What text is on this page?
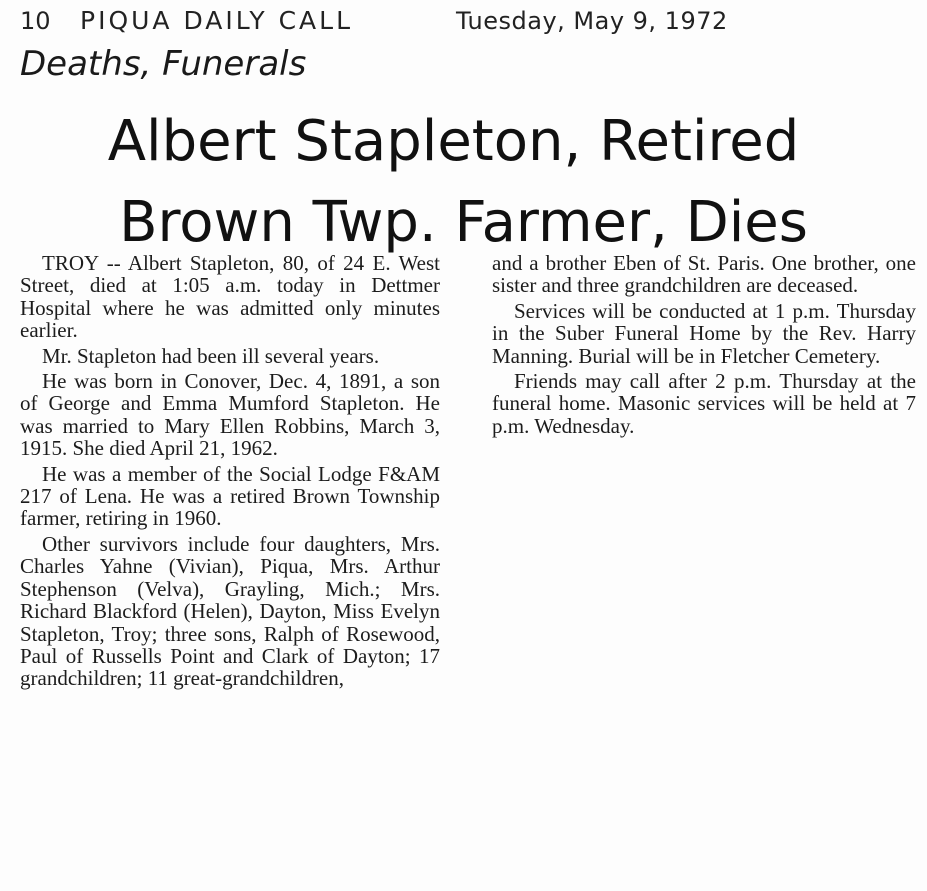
10	PIQUA DAILY CALL	Tuesday, May 9, 1972
Deaths, Funerals
Albert Stapleton, Retired
Brown Twp. Farmer, Dies

TROY -- Albert Stapleton, 80, of 24 E. West Street, died at 1:05 a.m. today in Dettmer Hospital where he was admitted only minutes earlier.

Mr. Stapleton had been ill several years.

He was born in Conover, Dec. 4, 1891, a son of George and Emma Mumford Stapleton. He was married to Mary Ellen Robbins, March 3, 1915. She died April 21, 1962.

He was a member of the Social Lodge F&AM 217 of Lena. He was a retired Brown Township farmer, retiring in 1960.

Other survivors include four daughters, Mrs. Charles Yahne (Vivian), Piqua, Mrs. Arthur Stephenson (Velva), Grayling, Mich.; Mrs. Richard Blackford (Helen), Dayton, Miss Evelyn Stapleton, Troy; three sons, Ralph of Rosewood, Paul of Russells Point and Clark of Dayton; 17 grandchildren; 11 great-grandchildren,

and a brother Eben of St. Paris. One brother, one sister and three grandchildren are deceased.

Services will be conducted at 1 p.m. Thursday in the Suber Funeral Home by the Rev. Harry Manning. Burial will be in Fletcher Cemetery.

Friends may call after 2 p.m. Thursday at the funeral home. Masonic services will be held at 7 p.m. Wednesday.
